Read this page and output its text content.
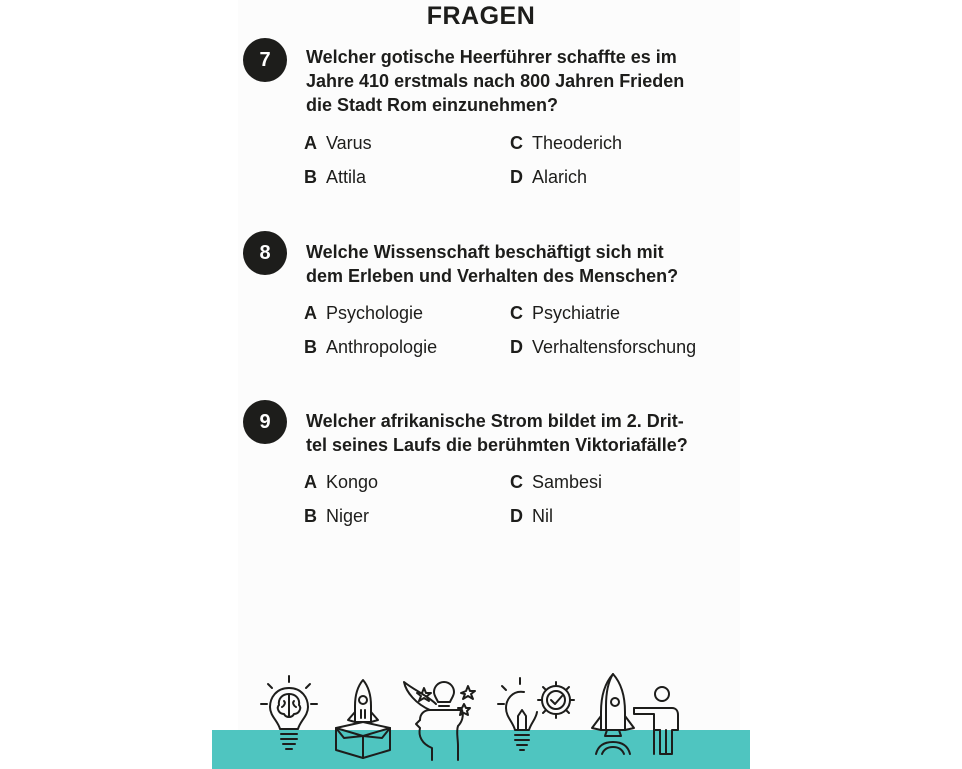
FRAGEN
7	Welcher gotische Heerführer schaffte es im
Jahre 410 erstmals nach 800 Jahren Frieden
die Stadt Rom einzunehmen?
A Varus
B Attila
C Theoderich
D Alarich
8	Welche Wissenschaft beschäftigt sich mit
dem Erleben und Verhalten des Menschen?
A Psychologie
B Anthropologie
C Psychiatrie
D Verhaltensforschung
9	Welcher afrikanische Strom bildet im 2. Drit-
tel seines Laufs die berühmten Viktoriafälle?
A Kongo
B Niger
C Sambesi
D Nil
